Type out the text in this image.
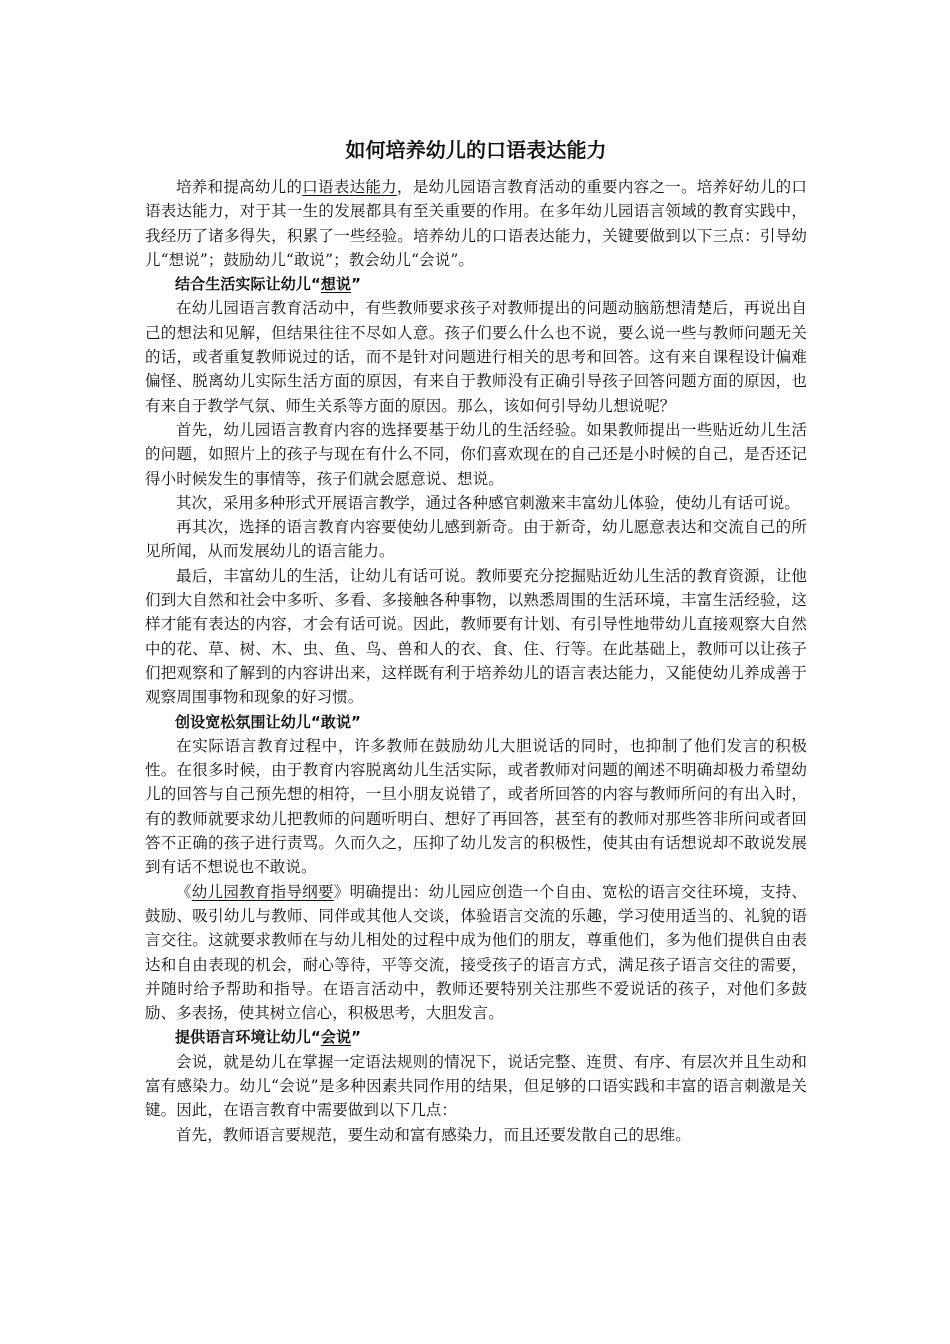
如何培养幼儿的口语表达能力

培养和提高幼儿的口语表达能力，是幼儿园语言教育活动的重要内容之一。培养好幼儿的口语表达能力，对于其一生的发展都具有至关重要的作用。在多年幼儿园语言领域的教育实践中，我经历了诸多得失，积累了一些经验。培养幼儿的口语表达能力，关键要做到以下三点：引导幼儿“想说”；鼓励幼儿“敢说”；教会幼儿“会说”。

结合生活实际让幼儿“想说”

在幼儿园语言教育活动中，有些教师要求孩子对教师提出的问题动脑筋想清楚后，再说出自己的想法和见解，但结果往往不尽如人意。孩子们要么什么也不说，要么说一些与教师问题无关的话，或者重复教师说过的话，而不是针对问题进行相关的思考和回答。这有来自课程设计偏难偏怪、脱离幼儿实际生活方面的原因，有来自于教师没有正确引导孩子回答问题方面的原因，也有来自于教学气氛、师生关系等方面的原因。那么，该如何引导幼儿想说呢？

首先，幼儿园语言教育内容的选择要基于幼儿的生活经验。如果教师提出一些贴近幼儿生活的问题，如照片上的孩子与现在有什么不同，你们喜欢现在的自己还是小时候的自己，是否还记得小时候发生的事情等，孩子们就会愿意说、想说。

其次，采用多种形式开展语言教学，通过各种感官刺激来丰富幼儿体验，使幼儿有话可说。

再其次，选择的语言教育内容要使幼儿感到新奇。由于新奇，幼儿愿意表达和交流自己的所见所闻，从而发展幼儿的语言能力。

最后，丰富幼儿的生活，让幼儿有话可说。教师要充分挖掘贴近幼儿生活的教育资源，让他们到大自然和社会中多听、多看、多接触各种事物，以熟悉周围的生活环境，丰富生活经验，这样才能有表达的内容，才会有话可说。因此，教师要有计划、有引导性地带幼儿直接观察大自然中的花、草、树、木、虫、鱼、鸟、兽和人的衣、食、住、行等。在此基础上，教师可以让孩子们把观察和了解到的内容讲出来，这样既有利于培养幼儿的语言表达能力，又能使幼儿养成善于观察周围事物和现象的好习惯。

创设宽松氛围让幼儿“敢说”

在实际语言教育过程中，许多教师在鼓励幼儿大胆说话的同时，也抑制了他们发言的积极性。在很多时候，由于教育内容脱离幼儿生活实际，或者教师对问题的阐述不明确却极力希望幼儿的回答与自己预先想的相符，一旦小朋友说错了，或者所回答的内容与教师所问的有出入时，有的教师就要求幼儿把教师的问题听明白、想好了再回答，甚至有的教师对那些答非所问或者回答不正确的孩子进行责骂。久而久之，压抑了幼儿发言的积极性，使其由有话想说却不敢说发展到有话不想说也不敢说。

《幼儿园教育指导纲要》明确提出：幼儿园应创造一个自由、宽松的语言交往环境，支持、鼓励、吸引幼儿与教师、同伴或其他人交谈，体验语言交流的乐趣，学习使用适当的、礼貌的语言交往。这就要求教师在与幼儿相处的过程中成为他们的朋友，尊重他们，多为他们提供自由表达和自由表现的机会，耐心等待，平等交流，接受孩子的语言方式，满足孩子语言交往的需要，并随时给予帮助和指导。在语言活动中，教师还要特别关注那些不爱说话的孩子，对他们多鼓励、多表扬，使其树立信心，积极思考，大胆发言。

提供语言环境让幼儿“会说”

会说，就是幼儿在掌握一定语法规则的情况下，说话完整、连贯、有序、有层次并且生动和富有感染力。幼儿“会说”是多种因素共同作用的结果，但足够的口语实践和丰富的语言刺激是关键。因此，在语言教育中需要做到以下几点：

首先，教师语言要规范，要生动和富有感染力，而且还要发散自己的思维。
